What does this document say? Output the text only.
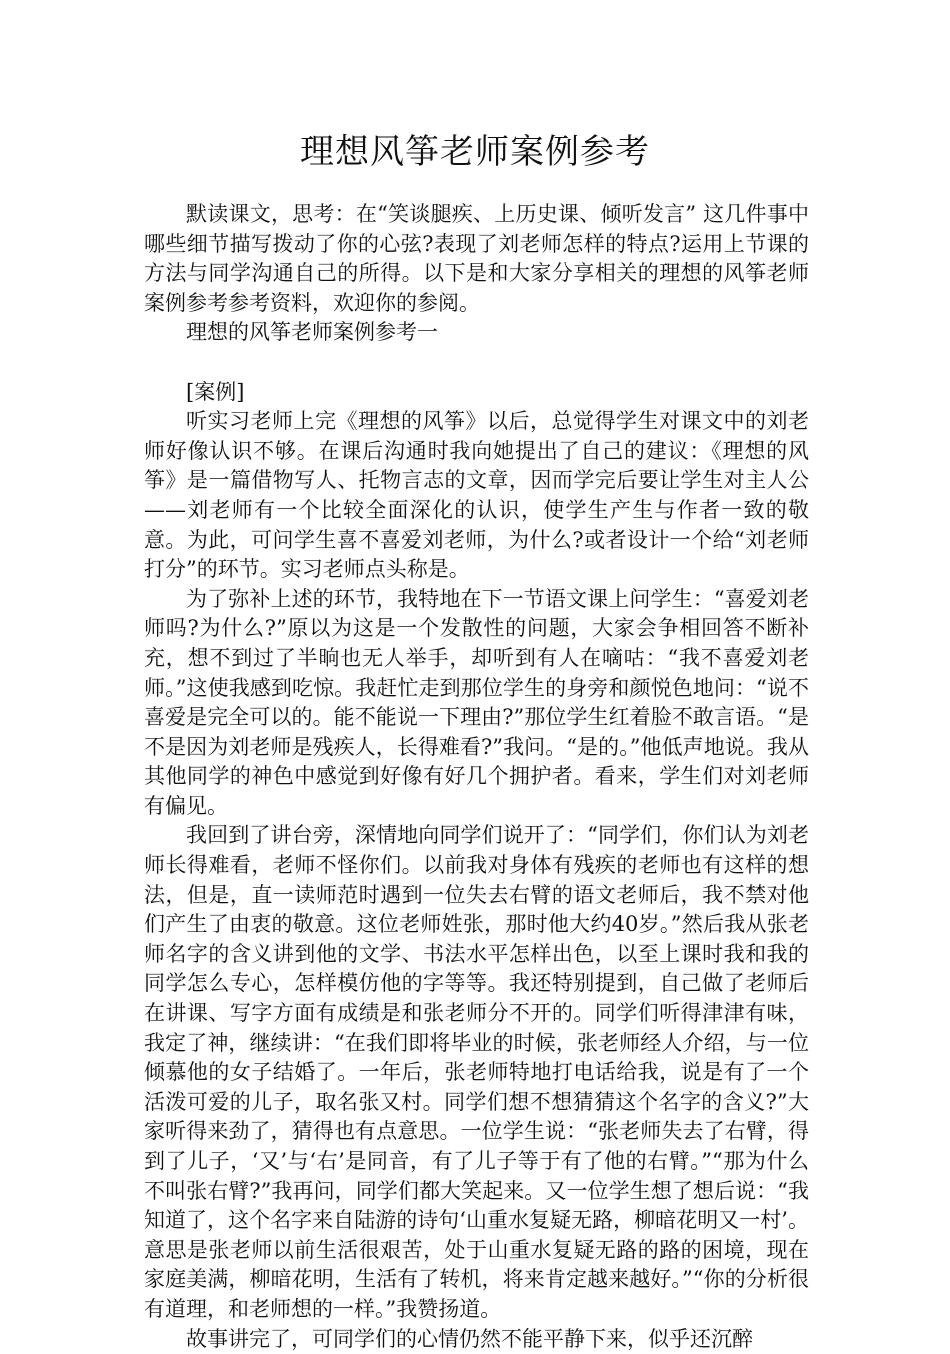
理想风筝老师案例参考

默读课文，思考：在“笑谈腿疾、上历史课、倾听发言” 这几件事中哪些细节描写拨动了你的心弦?表现了刘老师怎样的特点?运用上节课的方法与同学沟通自己的所得。以下是和大家分享相关的理想的风筝老师案例参考参考资料，欢迎你的参阅。

理想的风筝老师案例参考一

[案例]

听实习老师上完《理想的风筝》以后，总觉得学生对课文中的刘老师好像认识不够。在课后沟通时我向她提出了自己的建议：《理想的风筝》是一篇借物写人、托物言志的文章，因而学完后要让学生对主人公——刘老师有一个比较全面深化的认识，使学生产生与作者一致的敬意。为此，可问学生喜不喜爱刘老师，为什么?或者设计一个给“刘老师打分”的环节。实习老师点头称是。

为了弥补上述的环节，我特地在下一节语文课上问学生：“喜爱刘老师吗?为什么?”原以为这是一个发散性的问题，大家会争相回答不断补充，想不到过了半晌也无人举手，却听到有人在嘀咕：“我不喜爱刘老师。”这使我感到吃惊。我赶忙走到那位学生的身旁和颜悦色地问：“说不喜爱是完全可以的。能不能说一下理由?”那位学生红着脸不敢言语。“是不是因为刘老师是残疾人，长得难看?”我问。“是的。”他低声地说。我从其他同学的神色中感觉到好像有好几个拥护者。看来，学生们对刘老师有偏见。

我回到了讲台旁，深情地向同学们说开了：“同学们，你们认为刘老师长得难看，老师不怪你们。以前我对身体有残疾的老师也有这样的想法，但是，直一读师范时遇到一位失去右臂的语文老师后，我不禁对他们产生了由衷的敬意。这位老师姓张，那时他大约40岁。”然后我从张老师名字的含义讲到他的文学、书法水平怎样出色，以至上课时我和我的同学怎么专心，怎样模仿他的字等等。我还特别提到，自己做了老师后在讲课、写字方面有成绩是和张老师分不开的。同学们听得津津有味，我定了神，继续讲：“在我们即将毕业的时候，张老师经人介绍，与一位倾慕他的女子结婚了。一年后，张老师特地打电话给我，说是有了一个活泼可爱的儿子，取名张又村。同学们想不想猜猜这个名字的含义?”大家听得来劲了，猜得也有点意思。一位学生说：“张老师失去了右臂，得到了儿子，‘又’与‘右’是同音，有了儿子等于有了他的右臂。”“那为什么不叫张右臂?”我再问，同学们都大笑起来。又一位学生想了想后说：“我知道了，这个名字来自陆游的诗句‘山重水复疑无路，柳暗花明又一村’。意思是张老师以前生活很艰苦，处于山重水复疑无路的路的困境，现在家庭美满，柳暗花明，生活有了转机，将来肯定越来越好。”“你的分析很有道理，和老师想的一样。”我赞扬道。

故事讲完了，可同学们的心情仍然不能平静下来，似乎还沉醉
